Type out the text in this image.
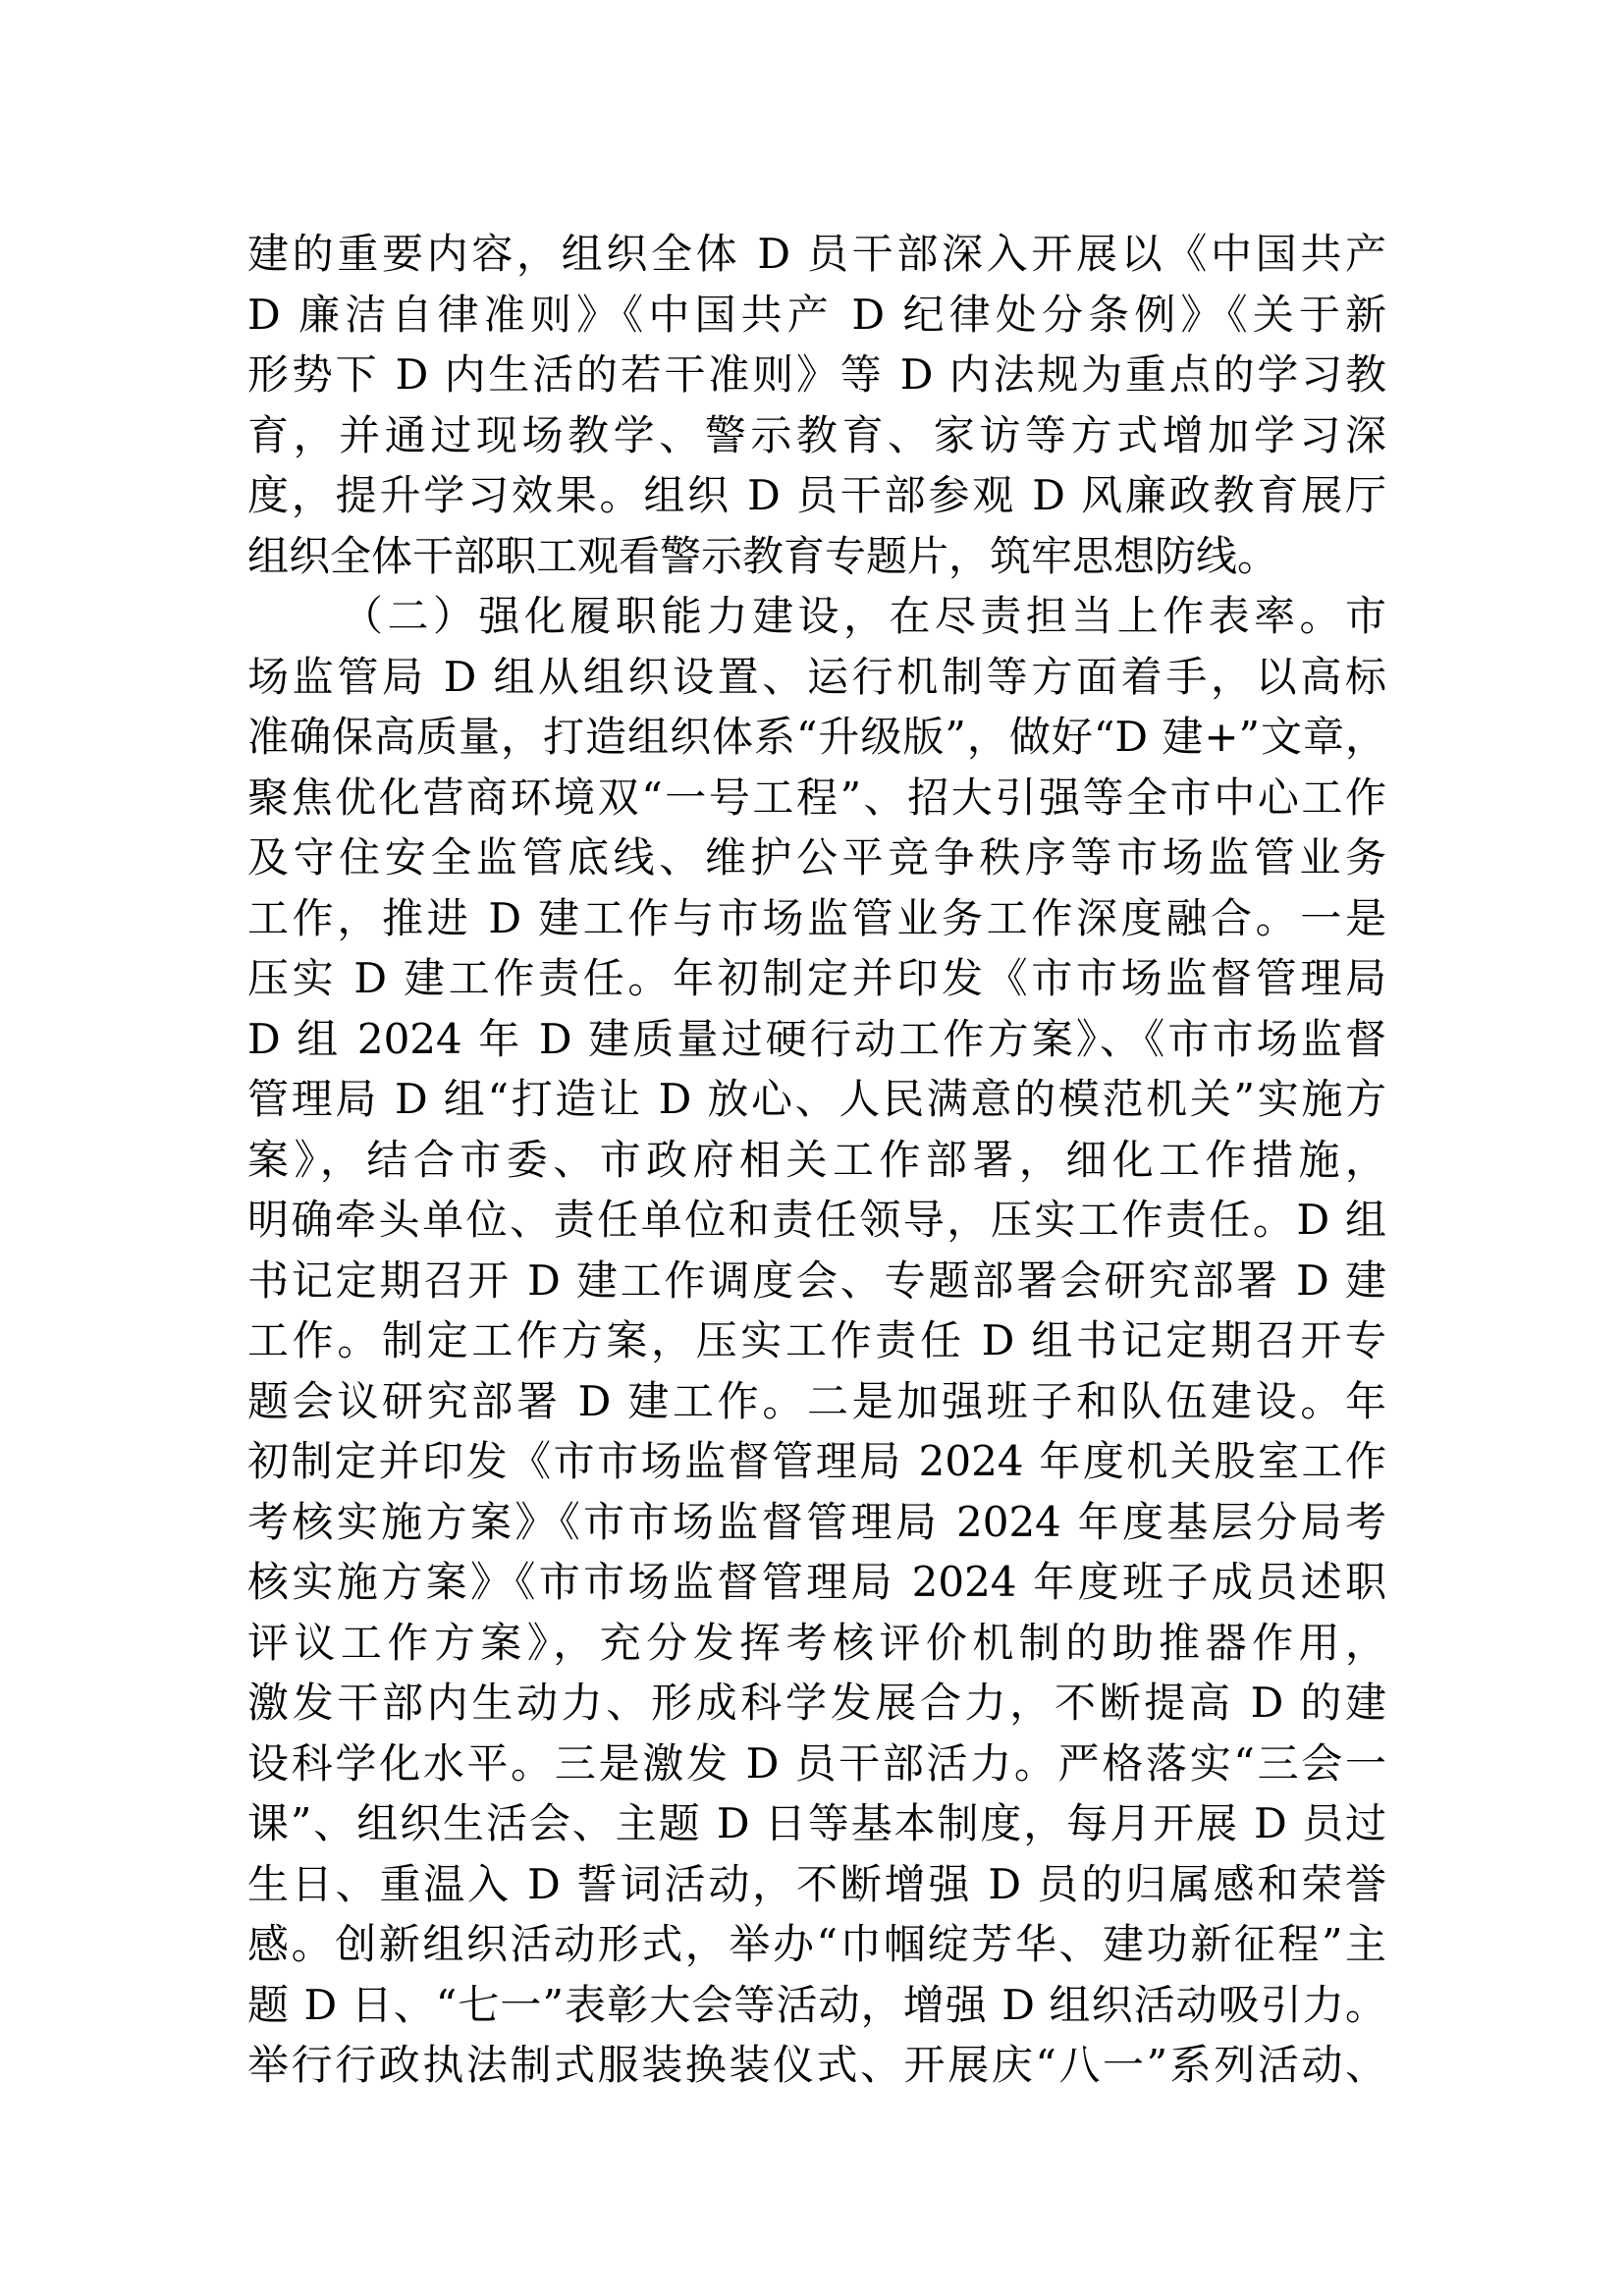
建的重要内容，组织全体 D 员干部深入开展以《中国共产
D 廉洁自律准则》《中国共产 D 纪律处分条例》《关于新
形势下 D 内生活的若干准则》等 D 内法规为重点的学习教
育，并通过现场教学、警示教育、家访等方式增加学习深
度，提升学习效果。组织 D 员干部参观 D 风廉政教育展厅
组织全体干部职工观看警示教育专题片，筑牢思想防线。
（二）强化履职能力建设，在尽责担当上作表率。市
场监管局 D 组从组织设置、运行机制等方面着手，以高标
准确保高质量，打造组织体系“升级版”，做好“D 建+”文章，
聚焦优化营商环境双“一号工程”、招大引强等全市中心工作
及守住安全监管底线、维护公平竞争秩序等市场监管业务
工作，推进 D 建工作与市场监管业务工作深度融合。一是
压实 D 建工作责任。年初制定并印发《市市场监督管理局
D 组 2024 年 D 建质量过硬行动工作方案》、《市市场监督
管理局 D 组“打造让 D 放心、人民满意的模范机关”实施方
案》，结合市委、市政府相关工作部署，细化工作措施，
明确牵头单位、责任单位和责任领导，压实工作责任。D 组
书记定期召开 D 建工作调度会、专题部署会研究部署 D 建
工作。制定工作方案，压实工作责任 D 组书记定期召开专
题会议研究部署 D 建工作。二是加强班子和队伍建设。年
初制定并印发《市市场监督管理局 2024 年度机关股室工作
考核实施方案》《市市场监督管理局 2024 年度基层分局考
核实施方案》《市市场监督管理局 2024 年度班子成员述职
评议工作方案》，充分发挥考核评价机制的助推器作用，
激发干部内生动力、形成科学发展合力，不断提高 D 的建
设科学化水平。三是激发 D 员干部活力。严格落实“三会一
课”、组织生活会、主题 D 日等基本制度，每月开展 D 员过
生日、重温入 D 誓词活动，不断增强 D 员的归属感和荣誉
感。创新组织活动形式，举办“巾帼绽芳华、建功新征程”主
题 D 日、“七一”表彰大会等活动，增强 D 组织活动吸引力。
举行行政执法制式服装换装仪式、开展庆“八一”系列活动、
